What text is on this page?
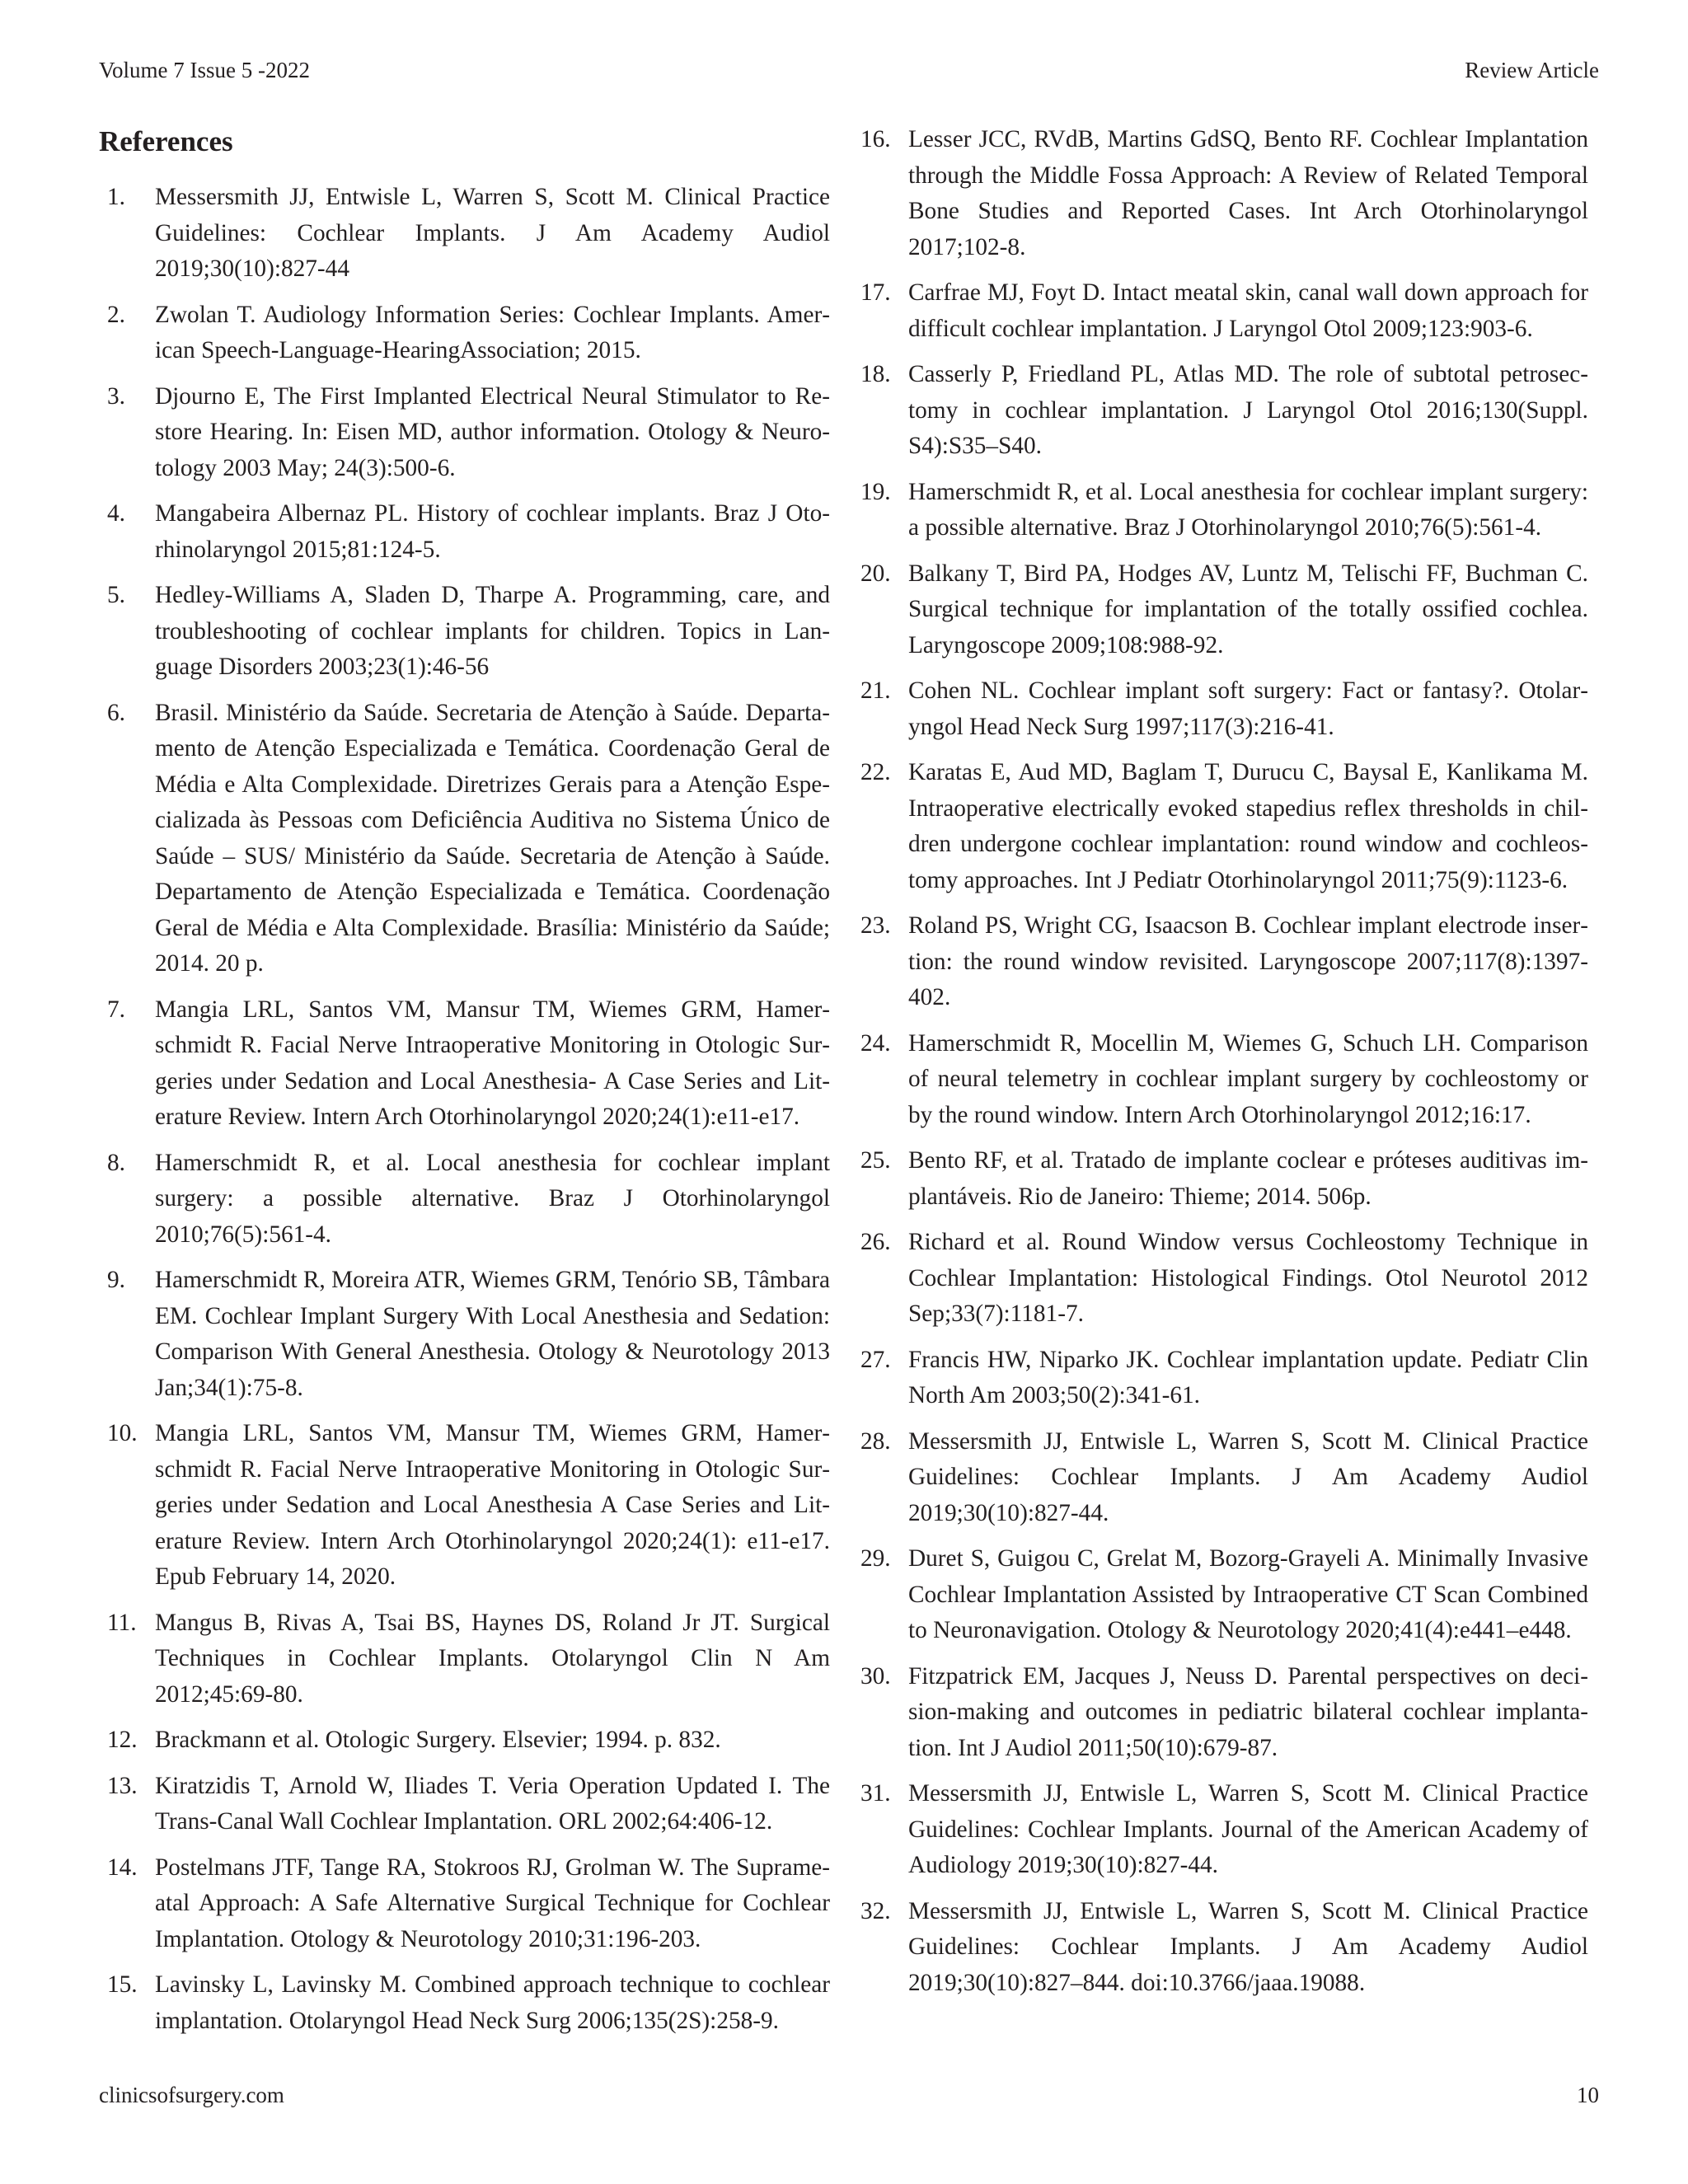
Volume 7 Issue 5 -2022	Review Article
References
1.	Messersmith JJ, Entwisle L, Warren S, Scott M. Clinical Practice Guidelines: Cochlear Implants. J Am Academy Audiol 2019;30(10):827-44
2.	Zwolan T. Audiology Information Series: Cochlear Implants. American Speech-Language-HearingAssociation; 2015.
3.	Djourno E, The First Implanted Electrical Neural Stimulator to Restore Hearing. In: Eisen MD, author information. Otology & Neurotology 2003 May; 24(3):500-6.
4.	Mangabeira Albernaz PL. History of cochlear implants. Braz J Otorhinolaryngol 2015;81:124-5.
5.	Hedley-Williams A, Sladen D, Tharpe A. Programming, care, and troubleshooting of cochlear implants for children. Topics in Language Disorders 2003;23(1):46-56
6.	Brasil. Ministério da Saúde. Secretaria de Atenção à Saúde. Departamento de Atenção Especializada e Temática. Coordenação Geral de Média e Alta Complexidade. Diretrizes Gerais para a Atenção Especializada às Pessoas com Deficiência Auditiva no Sistema Único de Saúde – SUS/ Ministério da Saúde. Secretaria de Atenção à Saúde. Departamento de Atenção Especializada e Temática. Coordenação Geral de Média e Alta Complexidade. Brasília: Ministério da Saúde; 2014. 20 p.
7.	Mangia LRL, Santos VM, Mansur TM, Wiemes GRM, Hamerschmidt R. Facial Nerve Intraoperative Monitoring in Otologic Surgeries under Sedation and Local Anesthesia- A Case Series and Literature Review. Intern Arch Otorhinolaryngol 2020;24(1):e11-e17.
8.	Hamerschmidt R, et al. Local anesthesia for cochlear implant surgery: a possible alternative. Braz J Otorhinolaryngol 2010;76(5):561-4.
9.	Hamerschmidt R, Moreira ATR, Wiemes GRM, Tenório SB, Tâmbara EM. Cochlear Implant Surgery With Local Anesthesia and Sedation: Comparison With General Anesthesia. Otology & Neurotology 2013 Jan;34(1):75-8.
10. Mangia LRL, Santos VM, Mansur TM, Wiemes GRM, Hamerschmidt R. Facial Nerve Intraoperative Monitoring in Otologic Surgeries under Sedation and Local Anesthesia A Case Series and Literature Review. Intern Arch Otorhinolaryngol 2020;24(1): e11-e17. Epub February 14, 2020.
11. Mangus B, Rivas A, Tsai BS, Haynes DS, Roland Jr JT. Surgical Techniques in Cochlear Implants. Otolaryngol Clin N Am 2012;45:69-80.
12. Brackmann et al. Otologic Surgery. Elsevier; 1994. p. 832.
13. Kiratzidis T, Arnold W, Iliades T. Veria Operation Updated I. The Trans-Canal Wall Cochlear Implantation. ORL 2002;64:406-12.
14. Postelmans JTF, Tange RA, Stokroos RJ, Grolman W. The Suprameatal Approach: A Safe Alternative Surgical Technique for Cochlear Implantation. Otology & Neurotology 2010;31:196-203.
15. Lavinsky L, Lavinsky M. Combined approach technique to cochlear implantation. Otolaryngol Head Neck Surg 2006;135(2S):258-9.
16. Lesser JCC, RVdB, Martins GdSQ, Bento RF. Cochlear Implantation through the Middle Fossa Approach: A Review of Related Temporal Bone Studies and Reported Cases. Int Arch Otorhinolaryngol 2017;102-8.
17. Carfrae MJ, Foyt D. Intact meatal skin, canal wall down approach for difficult cochlear implantation. J Laryngol Otol 2009;123:903-6.
18. Casserly P, Friedland PL, Atlas MD. The role of subtotal petrosectomy in cochlear implantation. J Laryngol Otol 2016;130(Suppl. S4):S35–S40.
19. Hamerschmidt R, et al. Local anesthesia for cochlear implant surgery: a possible alternative. Braz J Otorhinolaryngol 2010;76(5):561-4.
20. Balkany T, Bird PA, Hodges AV, Luntz M, Telischi FF, Buchman C. Surgical technique for implantation of the totally ossified cochlea. Laryngoscope 2009;108:988-92.
21. Cohen NL. Cochlear implant soft surgery: Fact or fantasy?. Otolaryngol Head Neck Surg 1997;117(3):216-41.
22. Karatas E, Aud MD, Baglam T, Durucu C, Baysal E, Kanlikama M. Intraoperative electrically evoked stapedius reflex thresholds in children undergone cochlear implantation: round window and cochleostomy approaches. Int J Pediatr Otorhinolaryngol 2011;75(9):1123-6.
23. Roland PS, Wright CG, Isaacson B. Cochlear implant electrode insertion: the round window revisited. Laryngoscope 2007;117(8):1397-402.
24. Hamerschmidt R, Mocellin M, Wiemes G, Schuch LH. Comparison of neural telemetry in cochlear implant surgery by cochleostomy or by the round window. Intern Arch Otorhinolaryngol 2012;16:17.
25. Bento RF, et al. Tratado de implante coclear e próteses auditivas implantáveis. Rio de Janeiro: Thieme; 2014. 506p.
26. Richard et al. Round Window versus Cochleostomy Technique in Cochlear Implantation: Histological Findings. Otol Neurotol 2012 Sep;33(7):1181-7.
27. Francis HW, Niparko JK. Cochlear implantation update. Pediatr Clin North Am 2003;50(2):341-61.
28. Messersmith JJ, Entwisle L, Warren S, Scott M. Clinical Practice Guidelines: Cochlear Implants. J Am Academy Audiol 2019;30(10):827-44.
29. Duret S, Guigou C, Grelat M, Bozorg-Grayeli A. Minimally Invasive Cochlear Implantation Assisted by Intraoperative CT Scan Combined to Neuronavigation. Otology & Neurotology 2020;41(4):e441–e448.
30. Fitzpatrick EM, Jacques J, Neuss D. Parental perspectives on decision-making and outcomes in pediatric bilateral cochlear implantation. Int J Audiol 2011;50(10):679-87.
31. Messersmith JJ, Entwisle L, Warren S, Scott M. Clinical Practice Guidelines: Cochlear Implants. Journal of the American Academy of Audiology 2019;30(10):827-44.
32. Messersmith JJ, Entwisle L, Warren S, Scott M. Clinical Practice Guidelines: Cochlear Implants. J Am Academy Audiol 2019;30(10):827–844. doi:10.3766/jaaa.19088.
clinicsofsurgery.com	10
